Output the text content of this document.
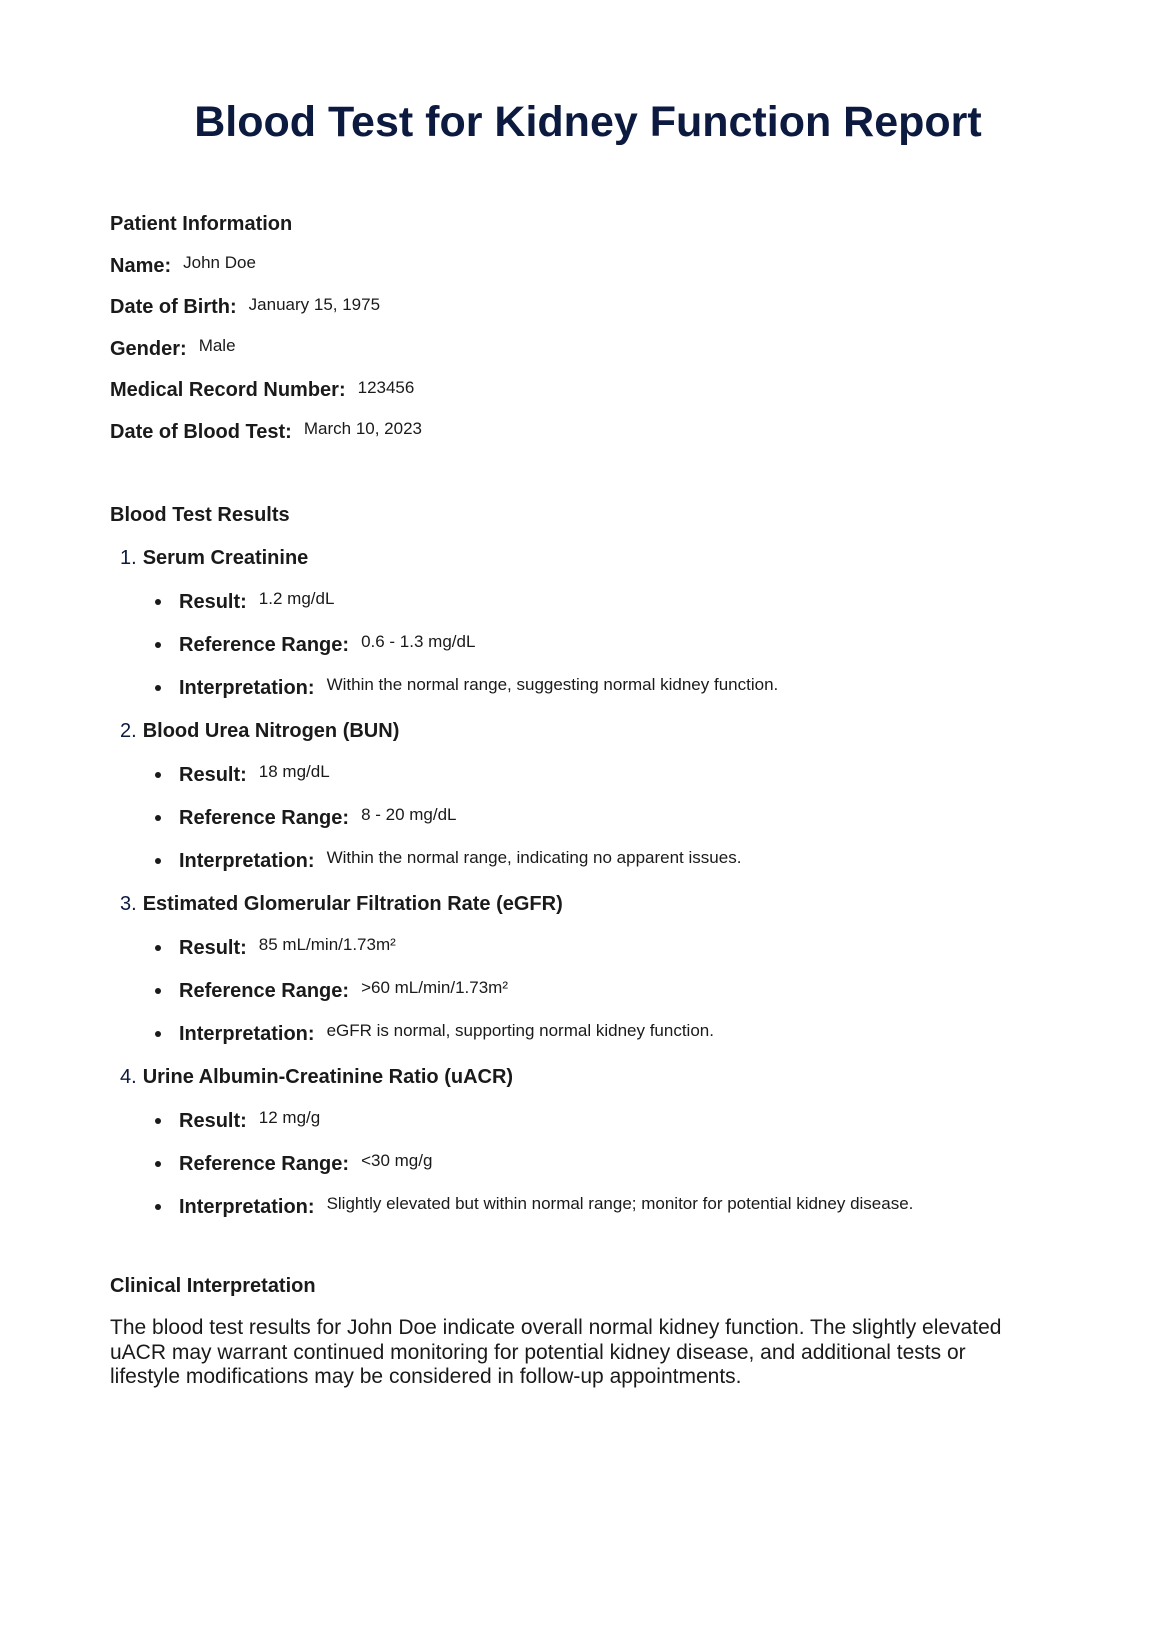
Blood Test for Kidney Function Report
Patient Information
Name: John Doe
Date of Birth: January 15, 1975
Gender: Male
Medical Record Number: 123456
Date of Blood Test: March 10, 2023
Blood Test Results
1. Serum Creatinine
Result: 1.2 mg/dL
Reference Range: 0.6 - 1.3 mg/dL
Interpretation: Within the normal range, suggesting normal kidney function.
2. Blood Urea Nitrogen (BUN)
Result: 18 mg/dL
Reference Range: 8 - 20 mg/dL
Interpretation: Within the normal range, indicating no apparent issues.
3. Estimated Glomerular Filtration Rate (eGFR)
Result: 85 mL/min/1.73m²
Reference Range: >60 mL/min/1.73m²
Interpretation: eGFR is normal, supporting normal kidney function.
4. Urine Albumin-Creatinine Ratio (uACR)
Result: 12 mg/g
Reference Range: <30 mg/g
Interpretation: Slightly elevated but within normal range; monitor for potential kidney disease.
Clinical Interpretation

The blood test results for John Doe indicate overall normal kidney function. The slightly elevated uACR may warrant continued monitoring for potential kidney disease, and additional tests or lifestyle modifications may be considered in follow-up appointments.
